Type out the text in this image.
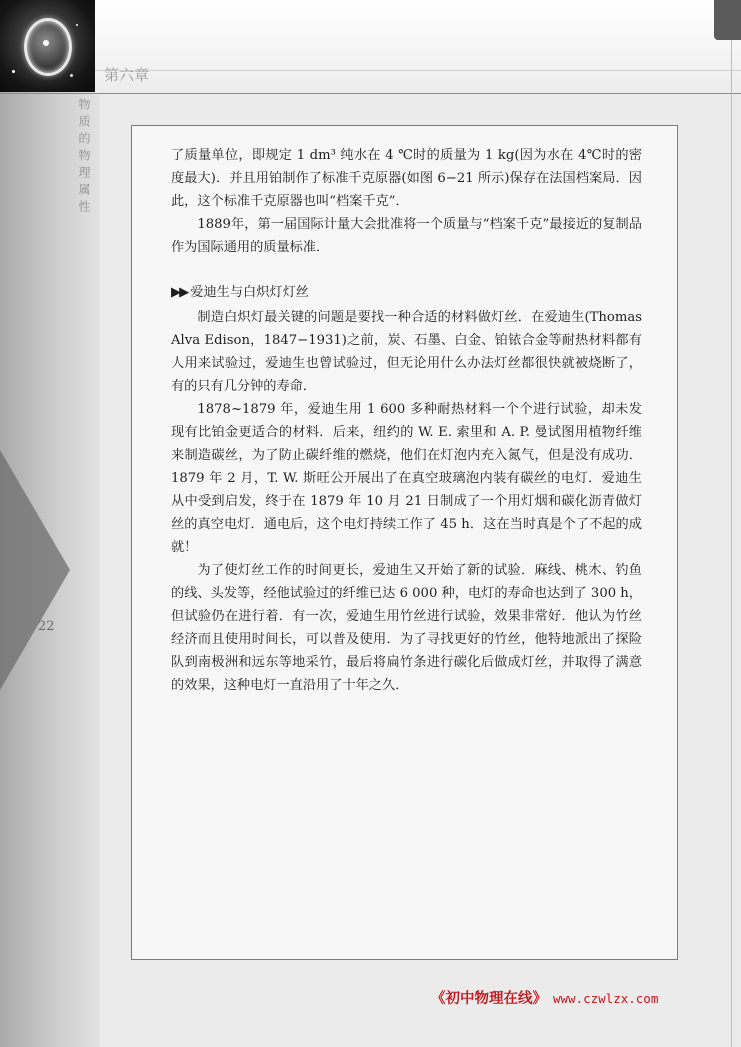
第六章
物质的物理属性
22

了质量单位，即规定 1 dm³ 纯水在 4 ℃时的质量为 1 kg(因为水在 4℃时的密度最大)．并且用铂制作了标准千克原器(如图 6−21 所示)保存在法国档案局．因此，这个标准千克原器也叫“档案千克”．

1889年，第一届国际计量大会批准将一个质量与“档案千克”最接近的复制品作为国际通用的质量标准．

▶▶ 爱迪生与白炽灯灯丝

制造白炽灯最关键的问题是要找一种合适的材料做灯丝．在爱迪生(Thomas Alva Edison，1847−1931)之前，炭、石墨、白金、铂铱合金等耐热材料都有人用来试验过，爱迪生也曾试验过，但无论用什么办法灯丝都很快就被烧断了，有的只有几分钟的寿命．

1878~1879 年，爱迪生用 1 600 多种耐热材料一个个进行试验，却未发现有比铂金更适合的材料．后来，纽约的 W. E. 索里和 A. P. 曼试图用植物纤维来制造碳丝，为了防止碳纤维的燃烧，他们在灯泡内充入氮气，但是没有成功．1879 年 2 月，T. W. 斯旺公开展出了在真空玻璃泡内装有碳丝的电灯．爱迪生从中受到启发，终于在 1879 年 10 月 21 日制成了一个用灯烟和碳化沥青做灯丝的真空电灯．通电后，这个电灯持续工作了 45 h．这在当时真是个了不起的成就！

为了使灯丝工作的时间更长，爱迪生又开始了新的试验．麻线、桃木、钓鱼的线、头发等，经他试验过的纤维已达 6 000 种，电灯的寿命也达到了 300 h，但试验仍在进行着．有一次，爱迪生用竹丝进行试验，效果非常好．他认为竹丝经济而且使用时间长，可以普及使用．为了寻找更好的竹丝，他特地派出了探险队到南极洲和远东等地采竹，最后将扁竹条进行碳化后做成灯丝，并取得了满意的效果，这种电灯一直沿用了十年之久．

《初中物理在线》 www.czwlzx.com
